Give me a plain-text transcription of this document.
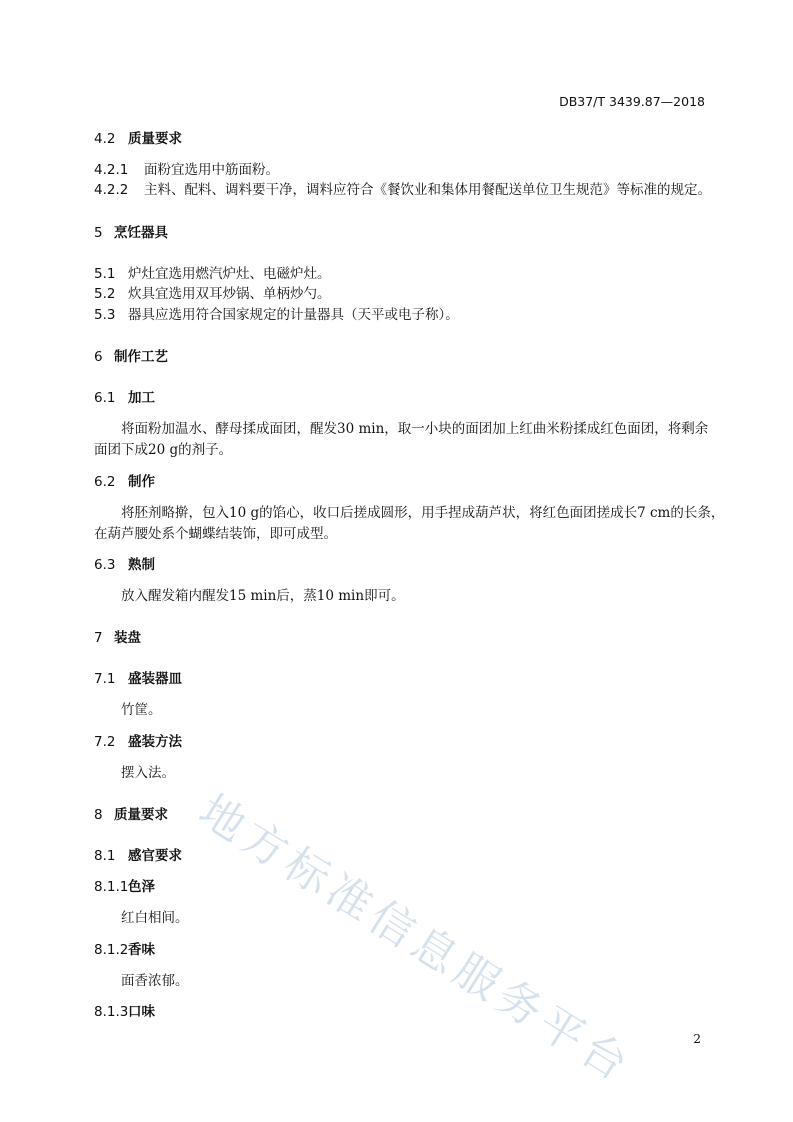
DB37/T 3439.87—2018
4.2 质量要求
4.2.1 面粉宜选用中筋面粉。
4.2.2 主料、配料、调料要干净，调料应符合《餐饮业和集体用餐配送单位卫生规范》等标准的规定。
5 烹饪器具
5.1 炉灶宜选用燃汽炉灶、电磁炉灶。
5.2 炊具宜选用双耳炒锅、单柄炒勺。
5.3 器具应选用符合国家规定的计量器具（天平或电子称）。
6 制作工艺
6.1 加工
将面粉加温水、酵母揉成面团，醒发30 min，取一小块的面团加上红曲米粉揉成红色面团，将剩余
面团下成20 g的剂子。
6.2 制作
将胚剂略擀，包入10 g的馅心，收口后搓成圆形，用手捏成葫芦状，将红色面团搓成长7 cm的长条，
在葫芦腰处系个蝴蝶结装饰，即可成型。
6.3 熟制
放入醒发箱内醒发15 min后，蒸10 min即可。
7 装盘
7.1 盛装器皿
竹筐。
7.2 盛装方法
摆入法。
8 质量要求
8.1 感官要求
8.1.1色泽
红白相间。
8.1.2香味
面香浓郁。
8.1.3口味 地方标准信息服务平台	2
